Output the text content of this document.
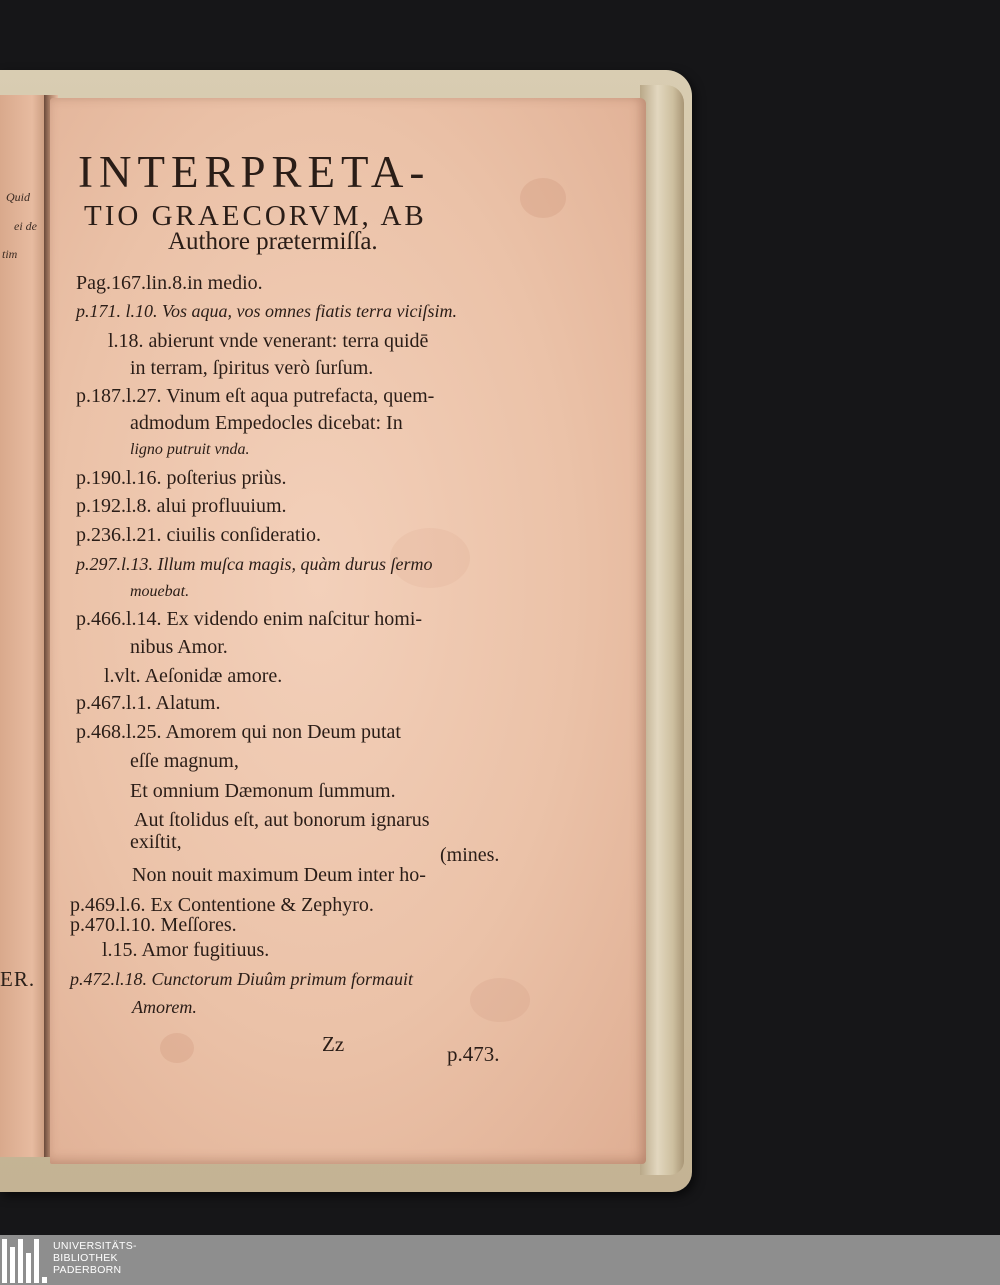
Quid
ei de
tim
ER.
INTERPRETA-
TIO GRAECORVM, AB
Authore prætermiſſa.
Pag.167.lin.8.in medio.
p.171. l.10. Vos aqua, vos omnes fiatis terra viciſsim.
l.18. abierunt vnde venerant: terra quidē
in terram, ſpiritus verò ſurſum.
p.187.l.27. Vinum eſt aqua putrefacta, quem-
admodum Empedocles dicebat: In
ligno putruit vnda.
p.190.l.16. poſterius priùs.
p.192.l.8. alui profluuium.
p.236.l.21. ciuilis conſideratio.
p.297.l.13. Illum muſca magis, quàm durus ſermo
mouebat.
p.466.l.14. Ex videndo enim naſcitur homi-
nibus Amor.
l.vlt. Aeſonidæ amore.
p.467.l.1. Alatum.
p.468.l.25. Amorem qui non Deum putat
eſſe magnum,
Et omnium Dæmonum ſummum.
Aut ſtolidus eſt, aut bonorum ignarus
exiſtit,
(mines.
Non nouit maximum Deum inter ho-
p.469.l.6. Ex Contentione & Zephyro.
p.470.l.10. Meſſores.
l.15. Amor fugitiuus.
p.472.l.18. Cunctorum Diuûm primum formauit
Amorem.
Zz	p.473.
UNIVERSITÄTS-
BIBLIOTHEK
PADERBORN
